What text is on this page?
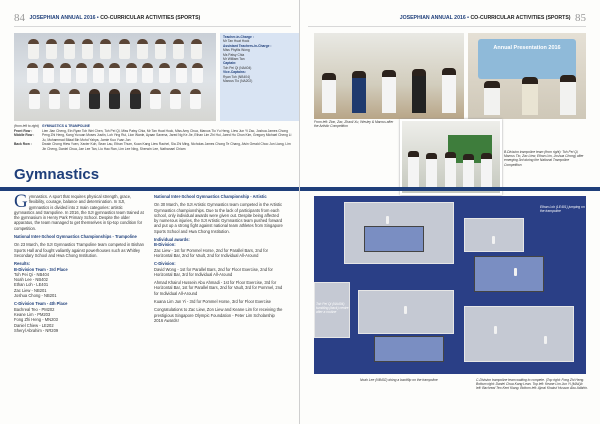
84 JOSEPHIAN ANNUAL 2016 • CO-CURRICULAR ACTIVITIES (SPORTS)
Teacher-in-Charge :
Mr Tan Huat Hock
Assistant Teachers-in-Charge :
Miss Phyllis Wong
Ms Patsy Chia
Mr William Tan
Captain:
Toh Pei Qi (NA404)
Vice-Captains:
Ryan Toh (NB404)
Marcus Tio (NA202)
(from left to right) GYMNASTICS & TRAMPOLINE
Front Row :	Lien Jian Cheng, Ein Ryan Toh Wei Chen, Toh Pei Qi, Miss Patsy Chia, Mr Tan Huat Hock, Miss Amy Chua, Marcus Tio Yu Heng, Liew Jun Yi Zac, Joshua James Chong
Middle Row :	Peng Zhi Heng, Kang Yuxuan Moses Justin, Loh Ying Rui, Lion Wanle, Ayaan Saxena, Jared Ng Ke Jie, Ethan Lim Zhi Hui, Jared Ho Chun Kim, Gregory Michael Cheng Li Ju, Muhammad Bilaal Bin Mohd Yahya, Jamie Kuo Yuan Jun
Back Row :	Dwain Chong Hiew Yuen, Xavier Koh, Sean Lau, Ethan Thum, Kuan Kang Liew Rachel, Sia Zhi Ming, Nicholas James Chong Te Chang, Alvin Gerald Choo Jun Liang, Lim Jin Cheng, Daniel Chua, Jae Lee Tan, Liu Hao Ran, Lim Lee Ning, Sherwin Lee, Nathanael Chiam
Gymnastics

Gymnastics. A sport that requires physical strength, grace, flexibility, courage, balance and determination. In SJI, gymnastics is divided into 2 main categories: artistic gymnastics and trampoline. In 2016, the SJI gymnastics team trained at the gymnasium in Henry Park Primary School. Despite the older apparatus, the team managed to get themselves in tip-top condition for competition.

National Inter-School Gymnastics Championships - Trampoline

On 23 March, the SJI Gymnastics Trampoline team competed in Bishan Sports Hall and fought valiantly against powerhouses such as Whitley Secondary School and Hwa Chong Institution.

Results:

B-Division Team - 3rd Place
Toh Pei Qi - NB404
Noah Lee - NB402
Ethan Loh - LE401
Zac Liew - NB201
Joshua Chong - NB201
C-Division Team - 4th Place
Bachreal Teo - PM202
Keane Lim - PM203
Fong Zhi Heng - MN203
Daniel Chiew - LE202
Sheryl Abrahim - NR209

National Inter-School Gymnastics Championship - Artistic

On 30 March, the SJI Artistic Gymnastics team competed in the Artistic Gymnastics championships. Due to the lack of participants from each school, only individual awards were given out. Despite being affected by numerous injuries, the SJI Artistic Gymnastics team pushed forward and put up a strong fight against national team athletes from Singapore Sports School and Hwa Chong Institution.

Individual awards:

B-Division:

Zac Liew - 1st for Pommel Horse, 2nd for Parallel Bars, 2nd for Horizontal Bar, 2nd for Vault, 2nd for Individual All-Around

C-Division:

David Wong - 1st for Parallel Bars, 2nd for Floor Exercise, 2nd for Horizontal Bar, 3rd for Individual All-Around

Ahmad Khairul Hussein Abu Ahmadi - 1st for Floor Exercise, 3rd for Horizontal Bar, 1st for Parallel Bars, 2nd for Vault, 3rd for Pommel, 2nd for Individual All-Around

Kuana Lim Jun Yi - 3rd for Pommel Horse, 3rd for Floor Exercise

Congratulations to Zac Liew, Zon Liew and Keane Lim for receiving the prestigious Singapore Olympic Foundation - Peter Lim Scholarship 2016 Awards!

JOSEPHIAN ANNUAL 2016 • CO-CURRICULAR ACTIVITIES (SPORTS) 85
From left: Zion, Zac, Zhaoli Xu, Wesley & Marcus after the Artistic Competition
Annual Presentation 2016
B-Division trampoline team (from right): Toh Pei Qi, Marcus Tio, Zac Liew, Ethan Lim, Joshua Chong) after emerging 3rd during the National Trampoline Competition
Ethan Loh (LE401) jumping on the trampoline
Toh Pei Qi (NA404) tumbling (back) centre after a routine
Noah Lee (NB402) doing a backflip on the trampoline	C-Division trampoline team waiting to compete. (Top right: Fong Zhi Heng. Bottom right: Daniel Chua Kang Lean. Top left: Keane Lim Jun Yi (MA4)b left: Bachreal Teo Keni Kiang. Bottom left: Ajmal Khairul Husson Abu Adbhin.
